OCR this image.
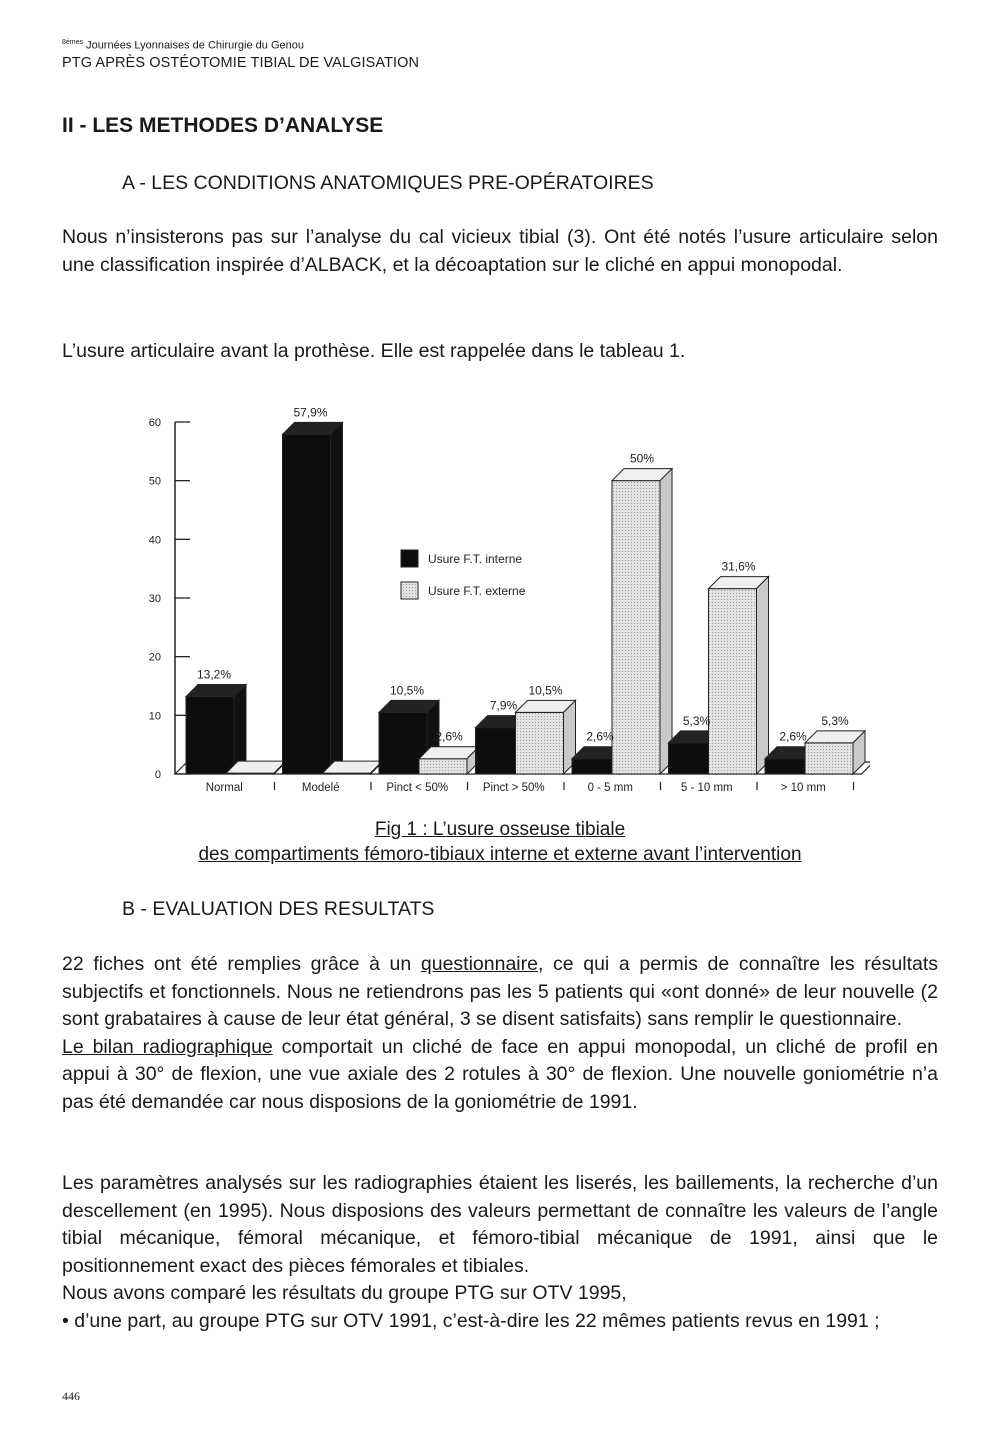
$^{8èmes}$ Journées Lyonnaises de Chirurgie du Genou
PTG APRÈS OSTÉOTOMIE TIBIAL DE VALGISATION
II - LES METHODES D’ANALYSE
A - LES CONDITIONS ANATOMIQUES PRE-OPÉRATOIRES

Nous n’insisterons pas sur l’analyse du cal vicieux tibial (3). Ont été notés l’usure articulaire selon une classification inspirée d’ALBACK, et la décoaptation sur le cliché en appui monopodal.

L’usure articulaire avant la prothèse. Elle est rappelée dans le tableau 1.

0
10
20
30
40
50
60
Normal	Modelé	Pinct < 50%	Pinct > 50%	0 - 5 mm	5 - 10 mm	> 10 mm
13,2%
57,9%
10,5%
2,6%
7,9%
10,5%
2,6%
50%
5,3%
31,6%
2,6%
5,3%
Usure F.T. interne
Usure F.T. externe
Fig 1 : L’usure osseuse tibiale
des compartiments fémoro-tibiaux interne et externe avant l’intervention
B - EVALUATION DES RESULTATS

22 fiches ont été remplies grâce à un questionnaire, ce qui a permis de connaître les résultats subjectifs et fonctionnels. Nous ne retiendrons pas les 5 patients qui «ont donné» de leur nouvelle (2 sont grabataires à cause de leur état général, 3 se disent satisfaits) sans remplir le questionnaire.

Le bilan radiographique comportait un cliché de face en appui monopodal, un cliché de profil en appui à 30° de flexion, une vue axiale des 2 rotules à 30° de flexion. Une nouvelle goniométrie n’a pas été demandée car nous disposions de la goniométrie de 1991.

Les paramètres analysés sur les radiographies étaient les liserés, les baillements, la recherche d’un descellement (en 1995). Nous disposions des valeurs permettant de connaître les valeurs de l’angle tibial mécanique, fémoral mécanique, et fémoro-tibial mécanique de 1991, ainsi que le positionnement exact des pièces fémorales et tibiales.

Nous avons comparé les résultats du groupe PTG sur OTV 1995,

• d’une part, au groupe PTG sur OTV 1991, c’est-à-dire les 22 mêmes patients revus en 1991 ;

446
